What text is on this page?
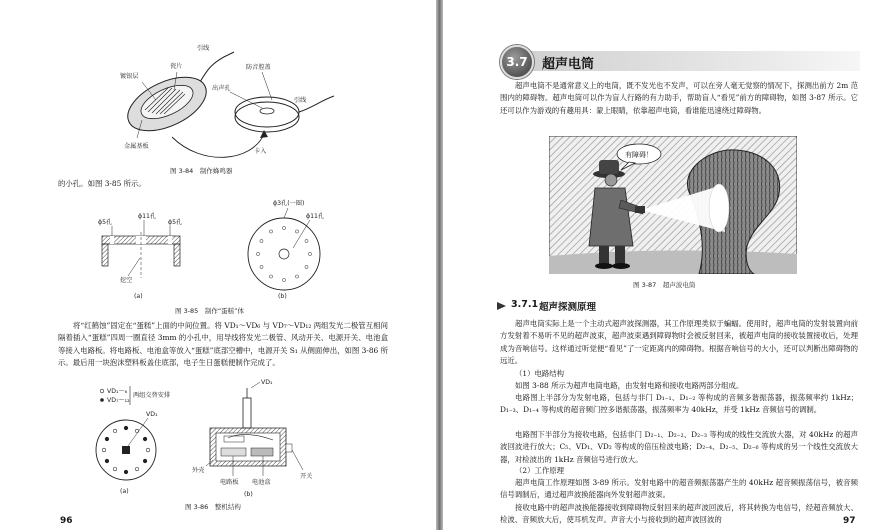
引线
镀银层
瓷片
出声孔
防音腔盖
引线
金属基板
卡入
图 3-84　制作蜂鸣器

的小孔。如图 3-85 所示。

ϕ5孔
ϕ11孔
ϕ5孔
挖空
(a)
ϕ3孔(一圈)
ϕ11孔
(b)
图 3-85　制作“蛋糕”体

将“红鹤蚀”固定在“蛋糕”上面的中间位置。将 VD₁～VD₆ 与 VD₇～VD₁₂ 两组发光二极管互相间隔着插入“蛋糕”四周一圈直径 3mm 的小孔中，用导线将发光二极管、风动开关、电源开关、电池盒等接入电路板。将电路板、电池盒等放入“蛋糕”底部空槽中，电源开关 S₁ 从侧面伸出，如图 3-86 所示。最后用一块泡沫塑料板盖住底部，电子生日蛋糕便制作完成了。

VD₁～₆
VD₇～₁₂
两组交替安排
VD₁
(a)
VD₁
外壳
电路板 电池盒
开关
(b)
图 3-86　整机结构
96
3.7	超声电筒

超声电筒不是通常意义上的电筒，既不发光也不发声，可以在旁人毫无觉察的情况下，探测出前方 2m 范围内的障碍物。超声电筒可以作为盲人行路的有力助手，帮助盲人“看见”前方的障碍物，如图 3-87 所示。它还可以作为游戏的有趣用具：蒙上眼睛，依靠超声电筒，看谁能迅速绕过障碍物。

有障碍！
图 3-87　超声波电筒
3.7.1 超声探测原理

超声电筒实际上是一个主动式超声波探测器，其工作原理类似于蝙蝠。使用时，超声电筒的发射装置向前方发射着不易听不见的超声波束，超声波束遇到障碍物时会被反射回来，被超声电筒的接收装置接收后，处理成为音响信号。这样通过听觉便“看见”了一定距离内的障碍物。根据音响信号的大小，还可以判断出障碍物的远近。

（1）电路结构

如图 3-88 所示为超声电筒电路，由发射电路和接收电路两部分组成。

电路图上半部分为发射电路，包括与非门 D₁₋₁、D₁₋₂ 等构成的音频多谐振荡器，振荡频率约 1kHz；D₁₋₃、D₁₋₄ 等构成的超音频门控多谐振荡器，振荡频率为 40kHz，并受 1kHz 音频信号的调制。

电路图下半部分为接收电路，包括非门 D₂₋₁、D₂₋₂、D₂₋₃ 等构成的线性交流放大器，对 40kHz 的超声波回波进行放大；C₅、VD₁、VD₂ 等构成的倍压检波电路；D₂₋₄、D₂₋₅、D₂₋₆ 等构成的另一个线性交流放大器，对检波出的 1kHz 音频信号进行放大。

（2）工作原理

超声电筒工作原理如图 3-89 所示。发射电路中的超音频振荡器产生的 40kHz 超音频振荡信号，被音频信号调制后，通过超声波换能器向外发射超声波束。

接收电路中的超声波换能器接收到障碍物反射回来的超声波回波后，将其转换为电信号，经超音频放大、检波、音频放大后，使耳机发声。声音大小与接收到的超声波回波的	97
